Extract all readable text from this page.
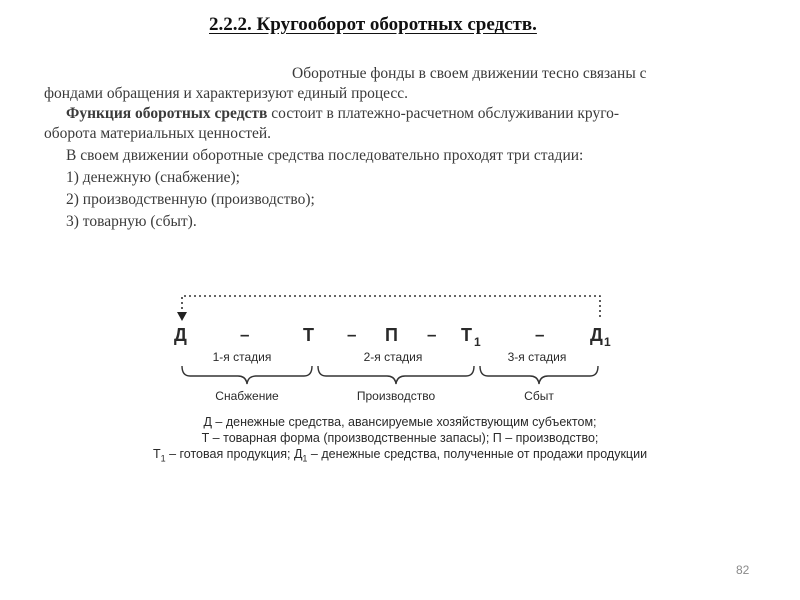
2.2.2. Кругооборот оборотных средств.

Оборотные фонды в своем движении тесно связаны с

фондами обращения и характеризуют единый процесс.

Функция оборотных средств состоит в платежно-расчетном обслуживании круго-

оборота материальных ценностей.

В своем движении оборотные средства последовательно проходят три стадии:

1) денежную (снабжение);

2) производственную (производство);

3) товарную (сбыт).

Д	–	Т – П – Т 1	–	Д 1
1-я стадия	2-я стадия	3-я стадия
Снабжение	Производство	Сбыт
Д – денежные средства, авансируемые хозяйствующим субъектом;
Т – товарная форма (производственные запасы); П – производство;
$Т_1$ – готовая продукция; $Д_1$ – денежные средства, полученные от продажи продукции
82
